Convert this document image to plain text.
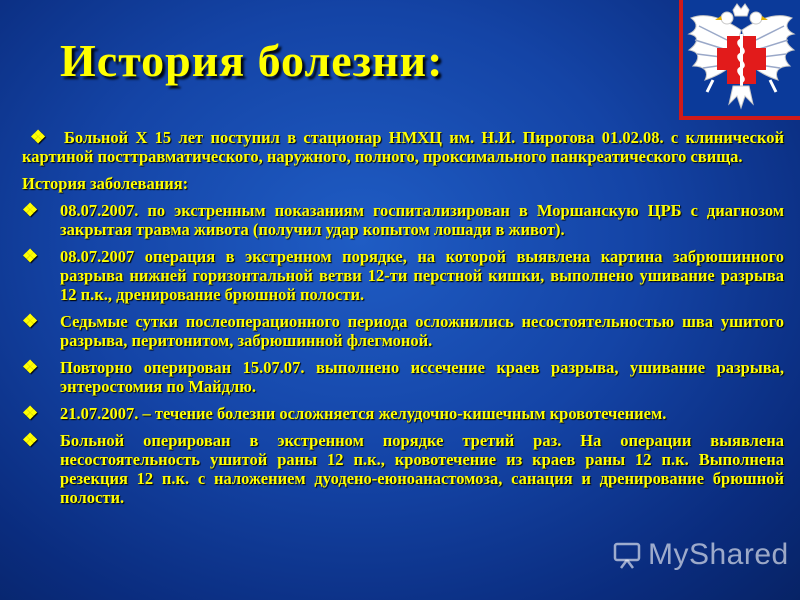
История болезни:
❖ Больной Х 15 лет поступил в стационар НМХЦ им. Н.И. Пирогова 01.02.08. с клинической картиной посттравматического, наружного, полного, проксимального панкреатического свища.
История заболевания:
❖ 08.07.2007. по экстренным показаниям госпитализирован в Моршанскую ЦРБ с диагнозом закрытая травма живота (получил удар копытом лошади в живот).
❖ 08.07.2007 операция в экстренном порядке, на которой выявлена картина забрюшинного разрыва нижней горизонтальной ветви 12-ти перстной кишки, выполнено ушивание разрыва 12 п.к., дренирование брюшной полости.
❖ Седьмые сутки послеоперационного периода осложнились несостоятельностью шва ушитого разрыва, перитонитом, забрюшинной флегмоной.
❖ Повторно оперирован 15.07.07. выполнено иссечение краев разрыва, ушивание разрыва, энтеростомия по Майдлю.
❖ 21.07.2007. – течение болезни осложняется желудочно-кишечным кровотечением.
❖ Больной оперирован в экстренном порядке третий раз. На операции выявлена несостоятельность ушитой раны 12 п.к., кровотечение из краев раны 12 п.к. Выполнена резекция 12 п.к. с наложением дуодено-еюноанастомоза, санация и дренирование брюшной полости.
MyShared
